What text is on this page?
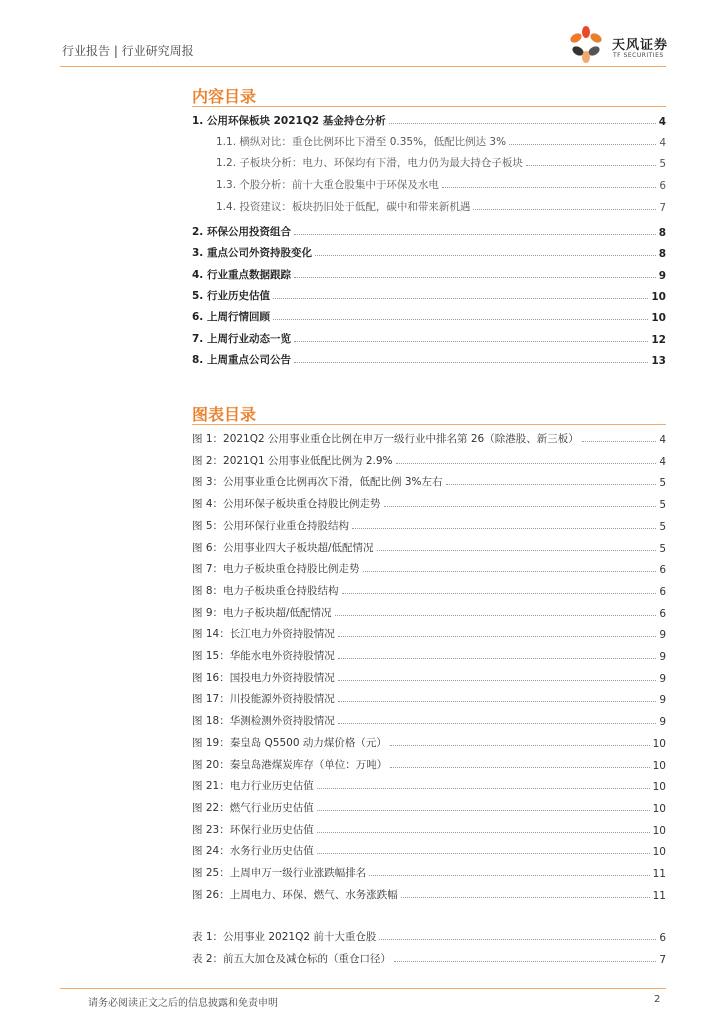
行业报告 | 行业研究周报	天风证券
TF SECURITIES
内容目录
1. 公用环保板块 2021Q2 基金持仓分析	4
1.1. 横纵对比：重仓比例环比下滑至 0.35%，低配比例达 3%	4
1.2. 子板块分析：电力、环保均有下滑，电力仍为最大持仓子板块	5
1.3. 个股分析：前十大重仓股集中于环保及水电	6
1.4. 投资建议：板块扔旧处于低配，碳中和带来新机遇	7
2. 环保公用投资组合	8
3. 重点公司外资持股变化	8
4. 行业重点数据跟踪	9
5. 行业历史估值	10
6. 上周行情回顾	10
7. 上周行业动态一览	12
8. 上周重点公司公告	13
图表目录
图 1：2021Q2 公用事业重仓比例在申万一级行业中排名第 26（除港股、新三板）	4
图 2：2021Q1 公用事业低配比例为 2.9%	4
图 3：公用事业重仓比例再次下滑，低配比例 3%左右	5
图 4：公用环保子板块重仓持股比例走势	5
图 5：公用环保行业重仓持股结构	5
图 6：公用事业四大子板块超/低配情况	5
图 7：电力子板块重仓持股比例走势	6
图 8：电力子板块重仓持股结构	6
图 9：电力子板块超/低配情况	6
图 14：长江电力外资持股情况	9
图 15：华能水电外资持股情况	9
图 16：国投电力外资持股情况	9
图 17：川投能源外资持股情况	9
图 18：华测检测外资持股情况	9
图 19：秦皇岛 Q5500 动力煤价格（元）	10
图 20：秦皇岛港煤炭库存（单位：万吨）	10
图 21：电力行业历史估值	10
图 22：燃气行业历史估值	10
图 23：环保行业历史估值	10
图 24：水务行业历史估值	10
图 25：上周申万一级行业涨跌幅排名	11
图 26：上周电力、环保、燃气、水务涨跌幅	11
表 1：公用事业 2021Q2 前十大重仓股	6
表 2：前五大加仓及减仓标的（重仓口径）	7
请务必阅读正文之后的信息披露和免责申明	2
